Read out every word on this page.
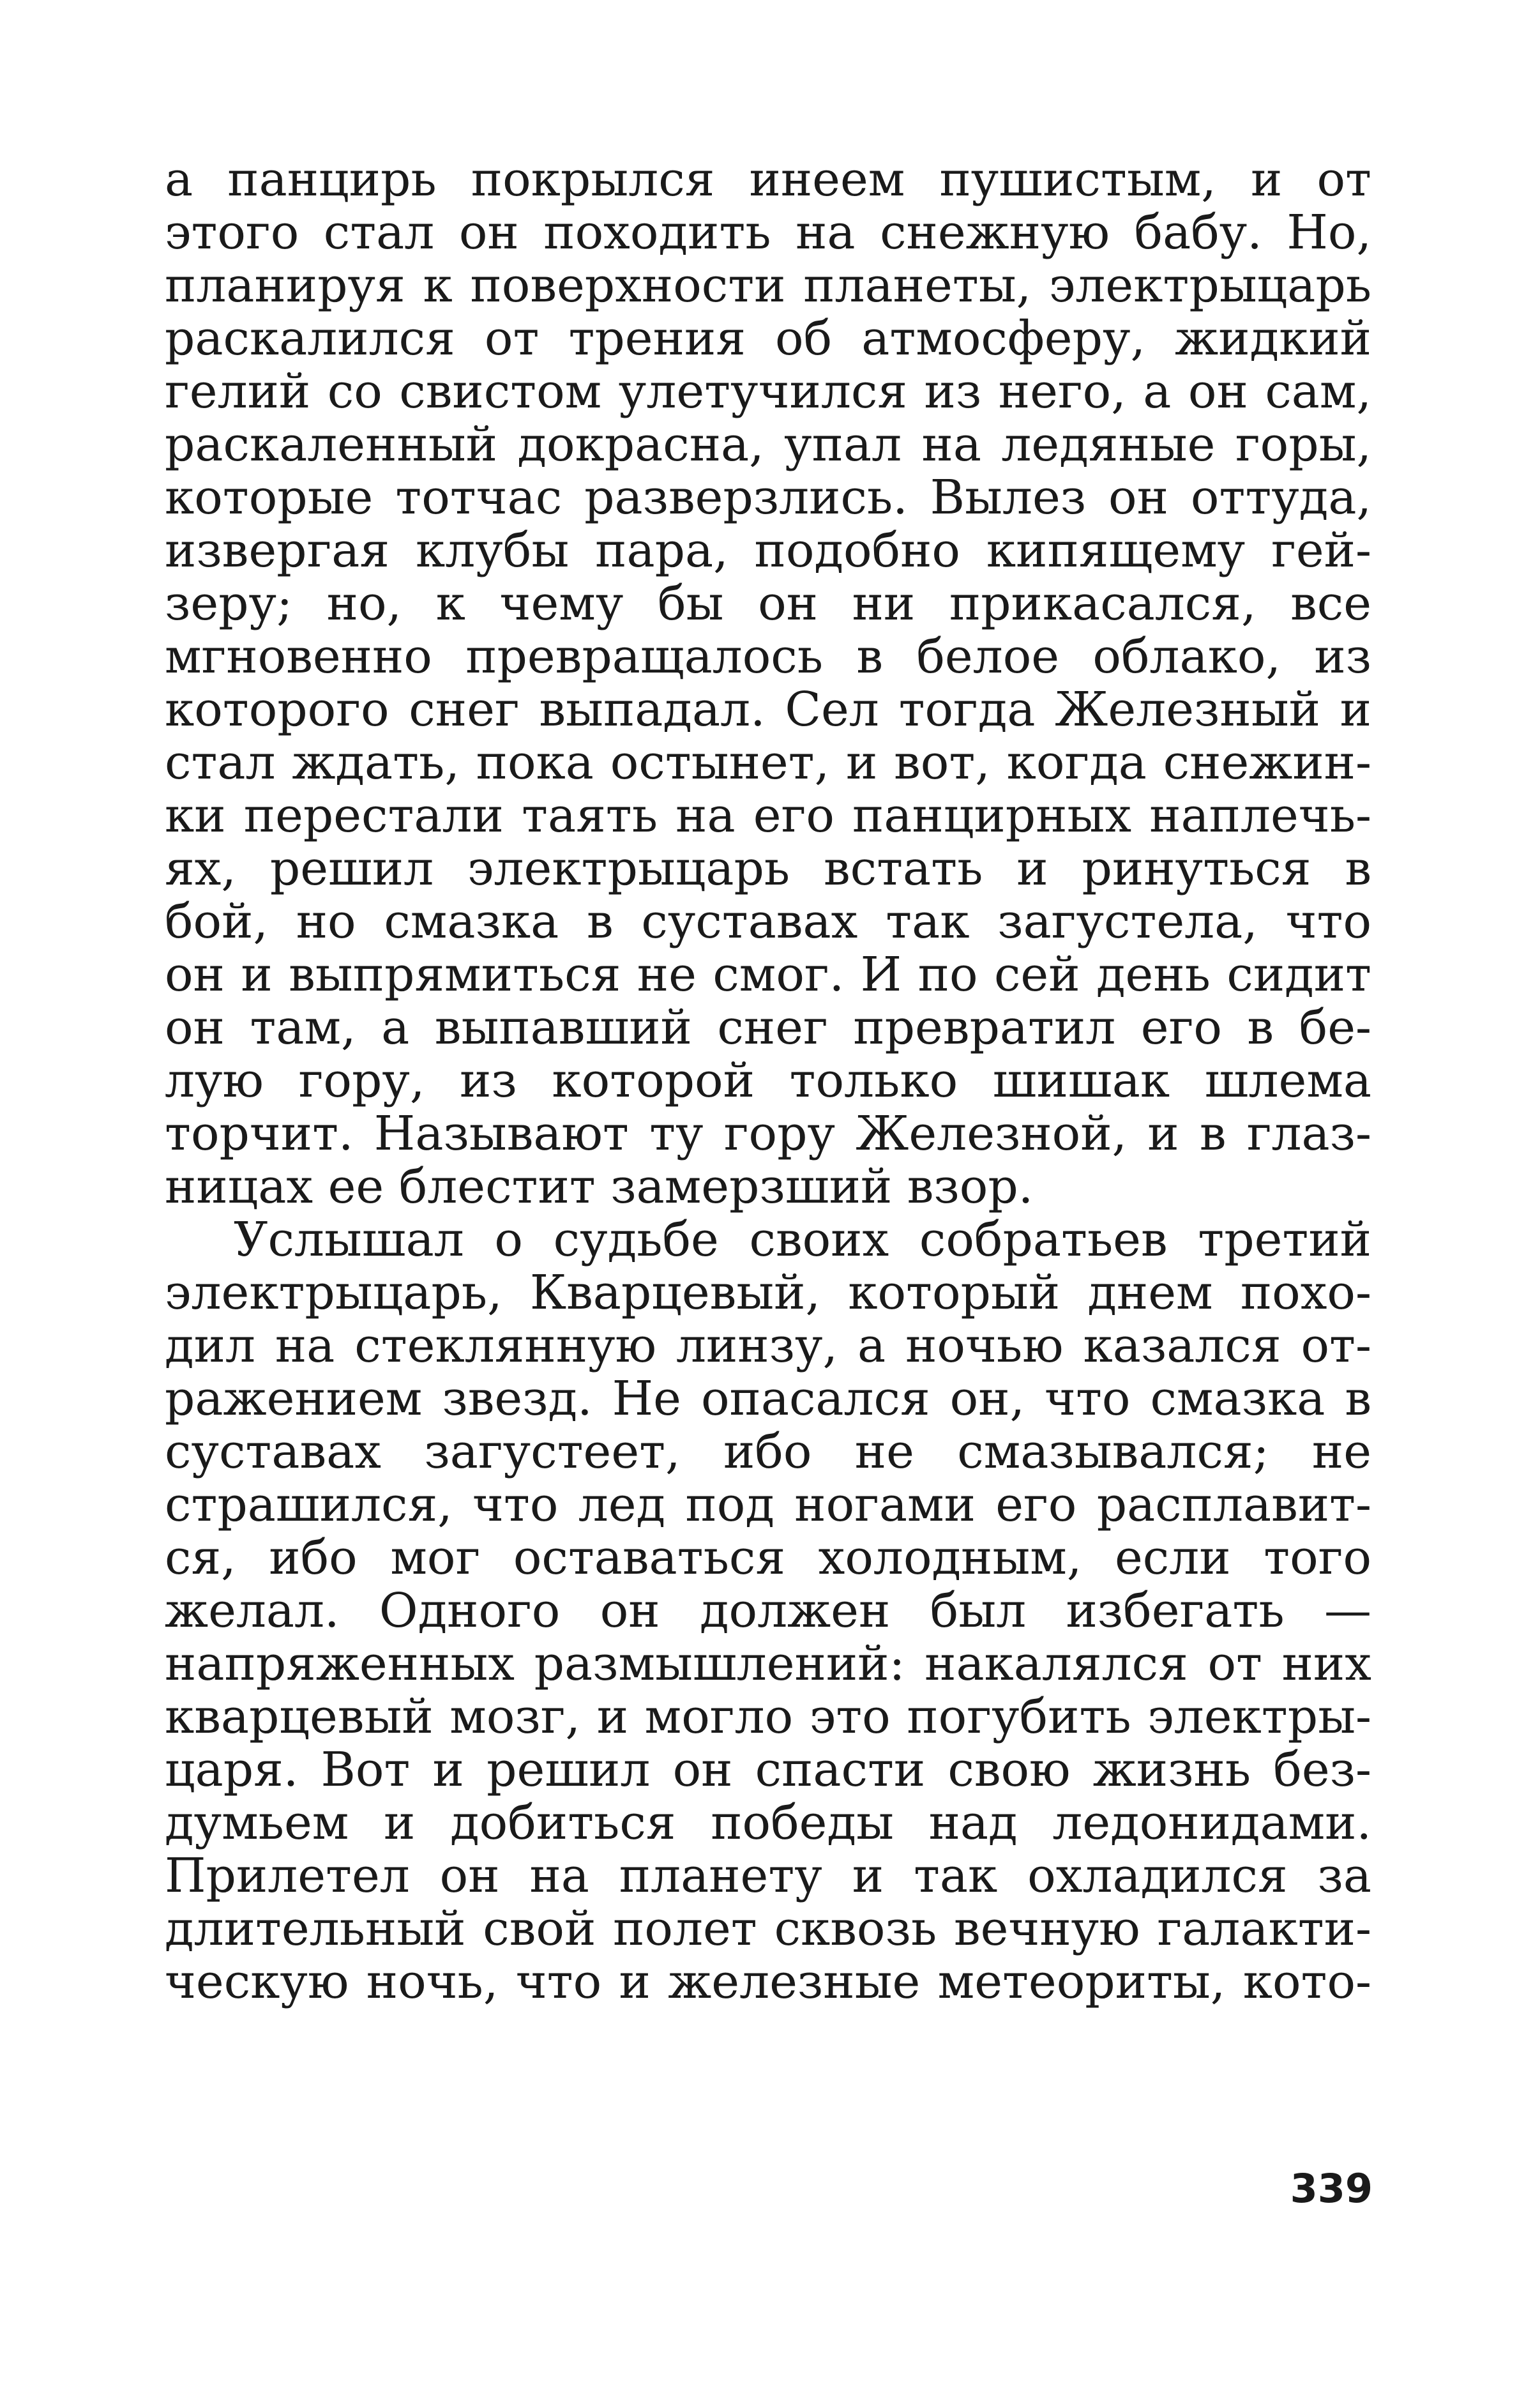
а панцирь покрылся инеем пушистым, и от
этого стал он походить на снежную бабу. Но,
планируя к поверхности планеты, электрыцарь
раскалился от трения об атмосферу, жидкий
гелий со свистом улетучился из него, а он сам,
раскаленный докрасна, упал на ледяные горы,
которые тотчас разверзлись. Вылез он оттуда,
извергая клубы пара, подобно кипящему гей-
зеру; но, к чему бы он ни прикасался, все
мгновенно превращалось в белое облако, из
которого снег выпадал. Сел тогда Железный и
стал ждать, пока остынет, и вот, когда снежин-
ки перестали таять на его панцирных наплечь-
ях, решил электрыцарь встать и ринуться в
бой, но смазка в суставах так загустела, что
он и выпрямиться не смог. И по сей день сидит
он там, а выпавший снег превратил его в бе-
лую гору, из которой только шишак шлема
торчит. Называют ту гору Железной, и в глаз-
ницах ее блестит замерзший взор.
Услышал о судьбе своих собратьев третий
электрыцарь, Кварцевый, который днем похо-
дил на стеклянную линзу, а ночью казался от-
ражением звезд. Не опасался он, что смазка в
суставах загустеет, ибо не смазывался; не
страшился, что лед под ногами его расплавит-
ся, ибо мог оставаться холодным, если того
желал. Одного он должен был избегать —
напряженных размышлений: накалялся от них
кварцевый мозг, и могло это погубить электры-
царя. Вот и решил он спасти свою жизнь без-
думьем и добиться победы над ледонидами.
Прилетел он на планету и так охладился за
длительный свой полет сквозь вечную галакти-
ческую ночь, что и железные метеориты, кото-
339
